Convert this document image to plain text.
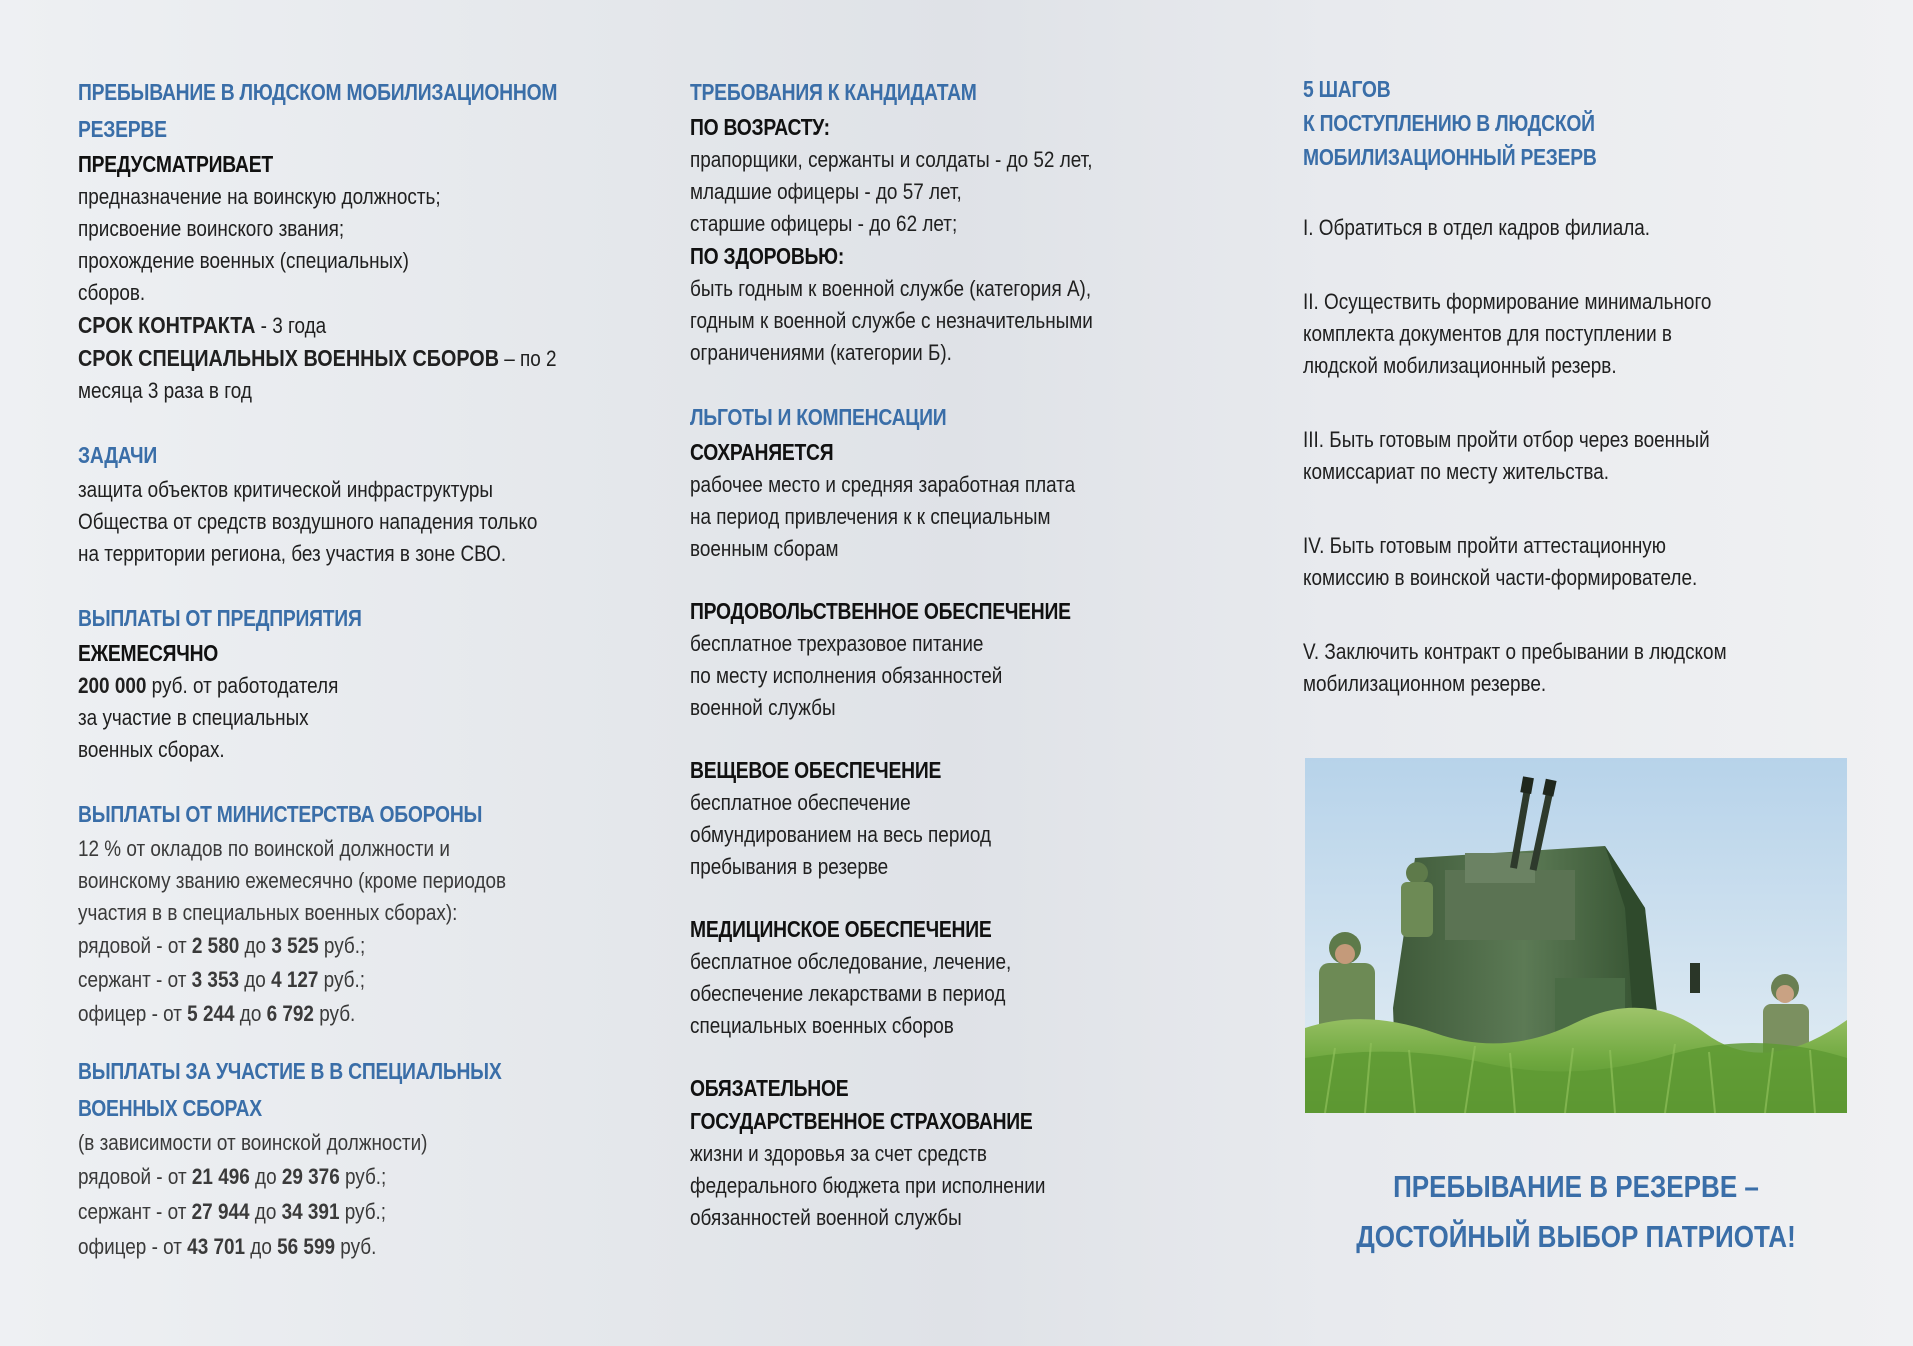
ПРЕБЫВАНИЕ В ЛЮДСКОМ МОБИЛИЗАЦИОННОМ
РЕЗЕРВЕ
ПРЕДУСМАТРИВАЕТ
предназначение на воинскую должность;
присвоение воинского звания;
прохождение военных (специальных)
сборов.
СРОК КОНТРАКТА - 3 года
СРОК СПЕЦИАЛЬНЫХ ВОЕННЫХ СБОРОВ – по 2
месяца 3 раза в год
ЗАДАЧИ
защита объектов критической инфраструктуры
Общества от средств воздушного нападения только
на территории региона, без участия в зоне СВО.
ВЫПЛАТЫ ОТ ПРЕДПРИЯТИЯ
ЕЖЕМЕСЯЧНО
200 000 руб. от работодателя
за участие в специальных
военных сборах.
ВЫПЛАТЫ ОТ МИНИСТЕРСТВА ОБОРОНЫ
12 % от окладов по воинской должности и
воинскому званию ежемесячно (кроме периодов
участия в в специальных военных сборах):
рядовой - от 2 580 до 3 525 руб.;
сержант - от 3 353 до 4 127 руб.;
офицер - от 5 244 до 6 792 руб.
ВЫПЛАТЫ ЗА УЧАСТИЕ В В СПЕЦИАЛЬНЫХ
ВОЕННЫХ СБОРАХ
(в зависимости от воинской должности)
рядовой - от 21 496 до 29 376 руб.;
сержант - от 27 944 до 34 391 руб.;
офицер - от 43 701 до 56 599 руб.
ТРЕБОВАНИЯ К КАНДИДАТАМ
ПО ВОЗРАСТУ:
прапорщики, сержанты и солдаты - до 52 лет,
младшие офицеры - до 57 лет,
старшие офицеры - до 62 лет;
ПО ЗДОРОВЬЮ:
быть годным к военной службе (категория А),
годным к военной службе с незначительными
ограничениями (категории Б).
ЛЬГОТЫ И КОМПЕНСАЦИИ
СОХРАНЯЕТСЯ
рабочее место и средняя заработная плата
на период привлечения к к специальным
военным сборам
ПРОДОВОЛЬСТВЕННОЕ ОБЕСПЕЧЕНИЕ
бесплатное трехразовое питание
по месту исполнения обязанностей
военной службы
ВЕЩЕВОЕ ОБЕСПЕЧЕНИЕ
бесплатное обеспечение
обмундированием на весь период
пребывания в резерве
МЕДИЦИНСКОЕ ОБЕСПЕЧЕНИЕ
бесплатное обследование, лечение,
обеспечение лекарствами в период
специальных военных сборов
ОБЯЗАТЕЛЬНОЕ
ГОСУДАРСТВЕННОЕ СТРАХОВАНИЕ
жизни и здоровья за счет средств
федерального бюджета при исполнении
обязанностей военной службы
5 ШАГОВ
К ПОСТУПЛЕНИЮ В ЛЮДСКОЙ
МОБИЛИЗАЦИОННЫЙ РЕЗЕРВ
I. Обратиться в отдел кадров филиала.
II. Осуществить формирование минимального
комплекта документов для поступлении в
людской мобилизационный резерв.
III. Быть готовым пройти отбор через военный
комиссариат по месту жительства.
IV. Быть готовым пройти аттестационную
комиссию в воинской части-формирователе.
V. Заключить контракт о пребывании в людском
мобилизационном резерве.
ПРЕБЫВАНИЕ В РЕЗЕРВЕ –
ДОСТОЙНЫЙ ВЫБОР ПАТРИОТА!
